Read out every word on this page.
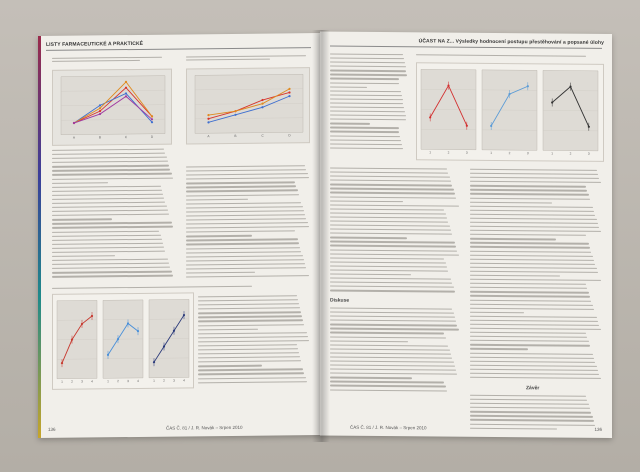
LISTY FARMACEUTICKÉ A PRAKTICKÉ
A	B	C	D	A	B	C	D
1	2	3	4	1	2	3	4	1	2	3	4
136	ČAS Č. 81 / J. R. Novák – Srpen 2010
ÚČAST NA Z... Výsledky hodnocení postupu přestěhování a popsané úlohy
1	2	3	1	2	3	1	2	3
Diskuse
Závěr
ČAS Č. 81 / J. R. Novák – Srpen 2010	136
